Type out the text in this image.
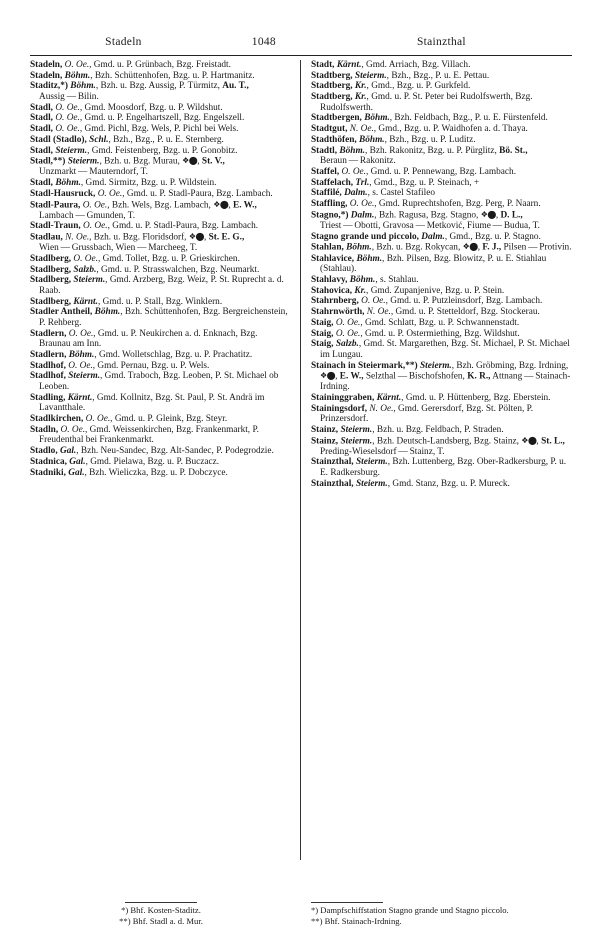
Stadeln	1048	Stainzthal

Stadeln, O. Oe., Gmd. u. P. Grünbach, Bzg. Freistadt.

Stadeln, Böhm., Bzh. Schüttenhofen, Bzg. u. P. Hartmanitz.

Staditz,*) Böhm., Bzh. u. Bzg. Aussig, P. Türmitz, Au. T., Aussig — Bilin.

Stadl, O. Oe., Gmd. Moosdorf, Bzg. u. P. Wildshut.

Stadl, O. Oe., Gmd. u. P. Engelhartszell, Bzg. Engelszell.

Stadl, O. Oe., Gmd. Pichl, Bzg. Wels, P. Pichl bei Wels.

Stadl (Stadlo), Schl., Bzh., Bzg., P. u. E. Sternberg.

Stadl, Steierm., Gmd. Feistenberg, Bzg. u. P. Gonobitz.

Stadl,**) Steierm., Bzh. u. Bzg. Murau, ❖⬤, St. V., Unzmarkt — Mauterndorf, T.

Stadl, Böhm., Gmd. Sirmitz, Bzg. u. P. Wildstein.

Stadl-Hausruck, O. Oe., Gmd. u. P. Stadl-Paura, Bzg. Lambach.

Stadl-Paura, O. Oe., Bzh. Wels, Bzg. Lambach, ❖⬤, E. W., Lambach — Gmunden, T.

Stadl-Traun, O. Oe., Gmd. u. P. Stadl-Paura, Bzg. Lambach.

Stadlau, N. Oe., Bzh. u. Bzg. Floridsdorf, ❖⬤, St. E. G., Wien — Grussbach, Wien — Marcheeg, T.

Stadlberg, O. Oe., Gmd. Tollet, Bzg. u. P. Grieskirchen.

Stadlberg, Salzb., Gmd. u. P. Strasswalchen, Bzg. Neumarkt.

Stadlberg, Steierm., Gmd. Arzberg, Bzg. Weiz, P. St. Ruprecht a. d. Raab.

Stadlberg, Kärnt., Gmd. u. P. Stall, Bzg. Winklern.

Stadler Antheil, Böhm., Bzh. Schüttenhofen, Bzg. Bergreichenstein, P. Rehberg.

Stadlern, O. Oe., Gmd. u. P. Neukirchen a. d. Enknach, Bzg. Braunau am Inn.

Stadlern, Böhm., Gmd. Wolletschlag, Bzg. u. P. Prachatitz.

Stadlhof, O. Oe., Gmd. Pernau, Bzg. u. P. Wels.

Stadlhof, Steierm., Gmd. Traboch, Bzg. Leoben, P. St. Michael ob Leoben.

Stadling, Kärnt., Gmd. Kollnitz, Bzg. St. Paul, P. St. Andrä im Lavantthale.

Stadlkirchen, O. Oe., Gmd. u. P. Gleink, Bzg. Steyr.

Stadln, O. Oe., Gmd. Weissenkirchen, Bzg. Frankenmarkt, P. Freudenthal bei Frankenmarkt.

Stadlo, Gal., Bzh. Neu-Sandec, Bzg. Alt-Sandec, P. Podegrodzie.

Stadnica, Gal., Gmd. Pielawa, Bzg. u. P. Buczacz.

Stadniki, Gal., Bzh. Wieliczka, Bzg. u. P. Dobczyce.

Stadt, Kärnt., Gmd. Arriach, Bzg. Villach.

Stadtberg, Steierm., Bzh., Bzg., P. u. E. Pettau.

Stadtberg, Kr., Gmd., Bzg. u. P. Gurkfeld.

Stadtberg, Kr., Gmd. u. P. St. Peter bei Rudolfswerth, Bzg. Rudolfswerth.

Stadtbergen, Böhm., Bzh. Feldbach, Bzg., P. u. E. Fürstenfeld.

Stadtgut, N. Oe., Gmd., Bzg. u. P. Waidhofen a. d. Thaya.

Stadthöfen, Böhm., Bzh., Bzg. u. P. Luditz.

Stadtl, Böhm., Bzh. Rakonitz, Bzg. u. P. Pürglitz, Bö. St., Beraun — Rakonitz.

Staffel, O. Oe., Gmd. u. P. Pennewang, Bzg. Lambach.

Staffelach, Trl., Gmd., Bzg. u. P. Steinach, +

Staffilé, Dalm., s. Castel Stafileo

Staffling, O. Oe., Gmd. Ruprechtshofen, Bzg. Perg, P. Naarn.

Stagno,*) Dalm., Bzh. Ragusa, Bzg. Stagno, ❖⬤, D. L., Triest — Obotti, Gravosa — Metković, Fiume — Budua, T.

Stagno grande und piccolo, Dalm., Gmd., Bzg. u. P. Stagno.

Stahlan, Böhm., Bzh. u. Bzg. Rokycan, ❖⬤, F. J., Pilsen — Protivin.

Stahlavice, Böhm., Bzh. Pilsen, Bzg. Blowitz, P. u. E. Stiahlau (Stahlau).

Stahlavy, Böhm., s. Stahlau.

Stahovica, Kr., Gmd. Zupanjenive, Bzg. u. P. Stein.

Stahrnberg, O. Oe., Gmd. u. P. Putzleinsdorf, Bzg. Lambach.

Stahrnwörth, N. Oe., Gmd. u. P. Stetteldorf, Bzg. Stockerau.

Staig, O. Oe., Gmd. Schlatt, Bzg. u. P. Schwannenstadt.

Staig, O. Oe., Gmd. u. P. Ostermiething, Bzg. Wildshut.

Staig, Salzb., Gmd. St. Margarethen, Bzg. St. Michael, P. St. Michael im Lungau.

Stainach in Steiermark,**) Steierm., Bzh. Gröbming, Bzg. Irdning, ❖⬤, E. W., Selzthal — Bischofshofen, K. R., Attnang — Stainach-Irdning.

Staininggraben, Kärnt., Gmd. u. P. Hüttenberg, Bzg. Eberstein.

Stainingsdorf, N. Oe., Gmd. Gerersdorf, Bzg. St. Pölten, P. Prinzersdorf.

Stainz, Steierm., Bzh. u. Bzg. Feldbach, P. Straden.

Stainz, Steierm., Bzh. Deutsch-Landsberg, Bzg. Stainz, ❖⬤, St. L., Preding-Wieselsdorf — Stainz, T.

Stainzthal, Steierm., Bzh. Luttenberg, Bzg. Ober-Radkersburg, P. u. E. Radkersburg.

Stainzthal, Steierm., Gmd. Stanz, Bzg. u. P. Mureck.

*) Bhf. Kosten-Staditz.
**) Bhf. Stadl a. d. Mur.
*) Dampfschiffstation Stagno grande und Stagno piccolo.
**) Bhf. Stainach-Irdning.
